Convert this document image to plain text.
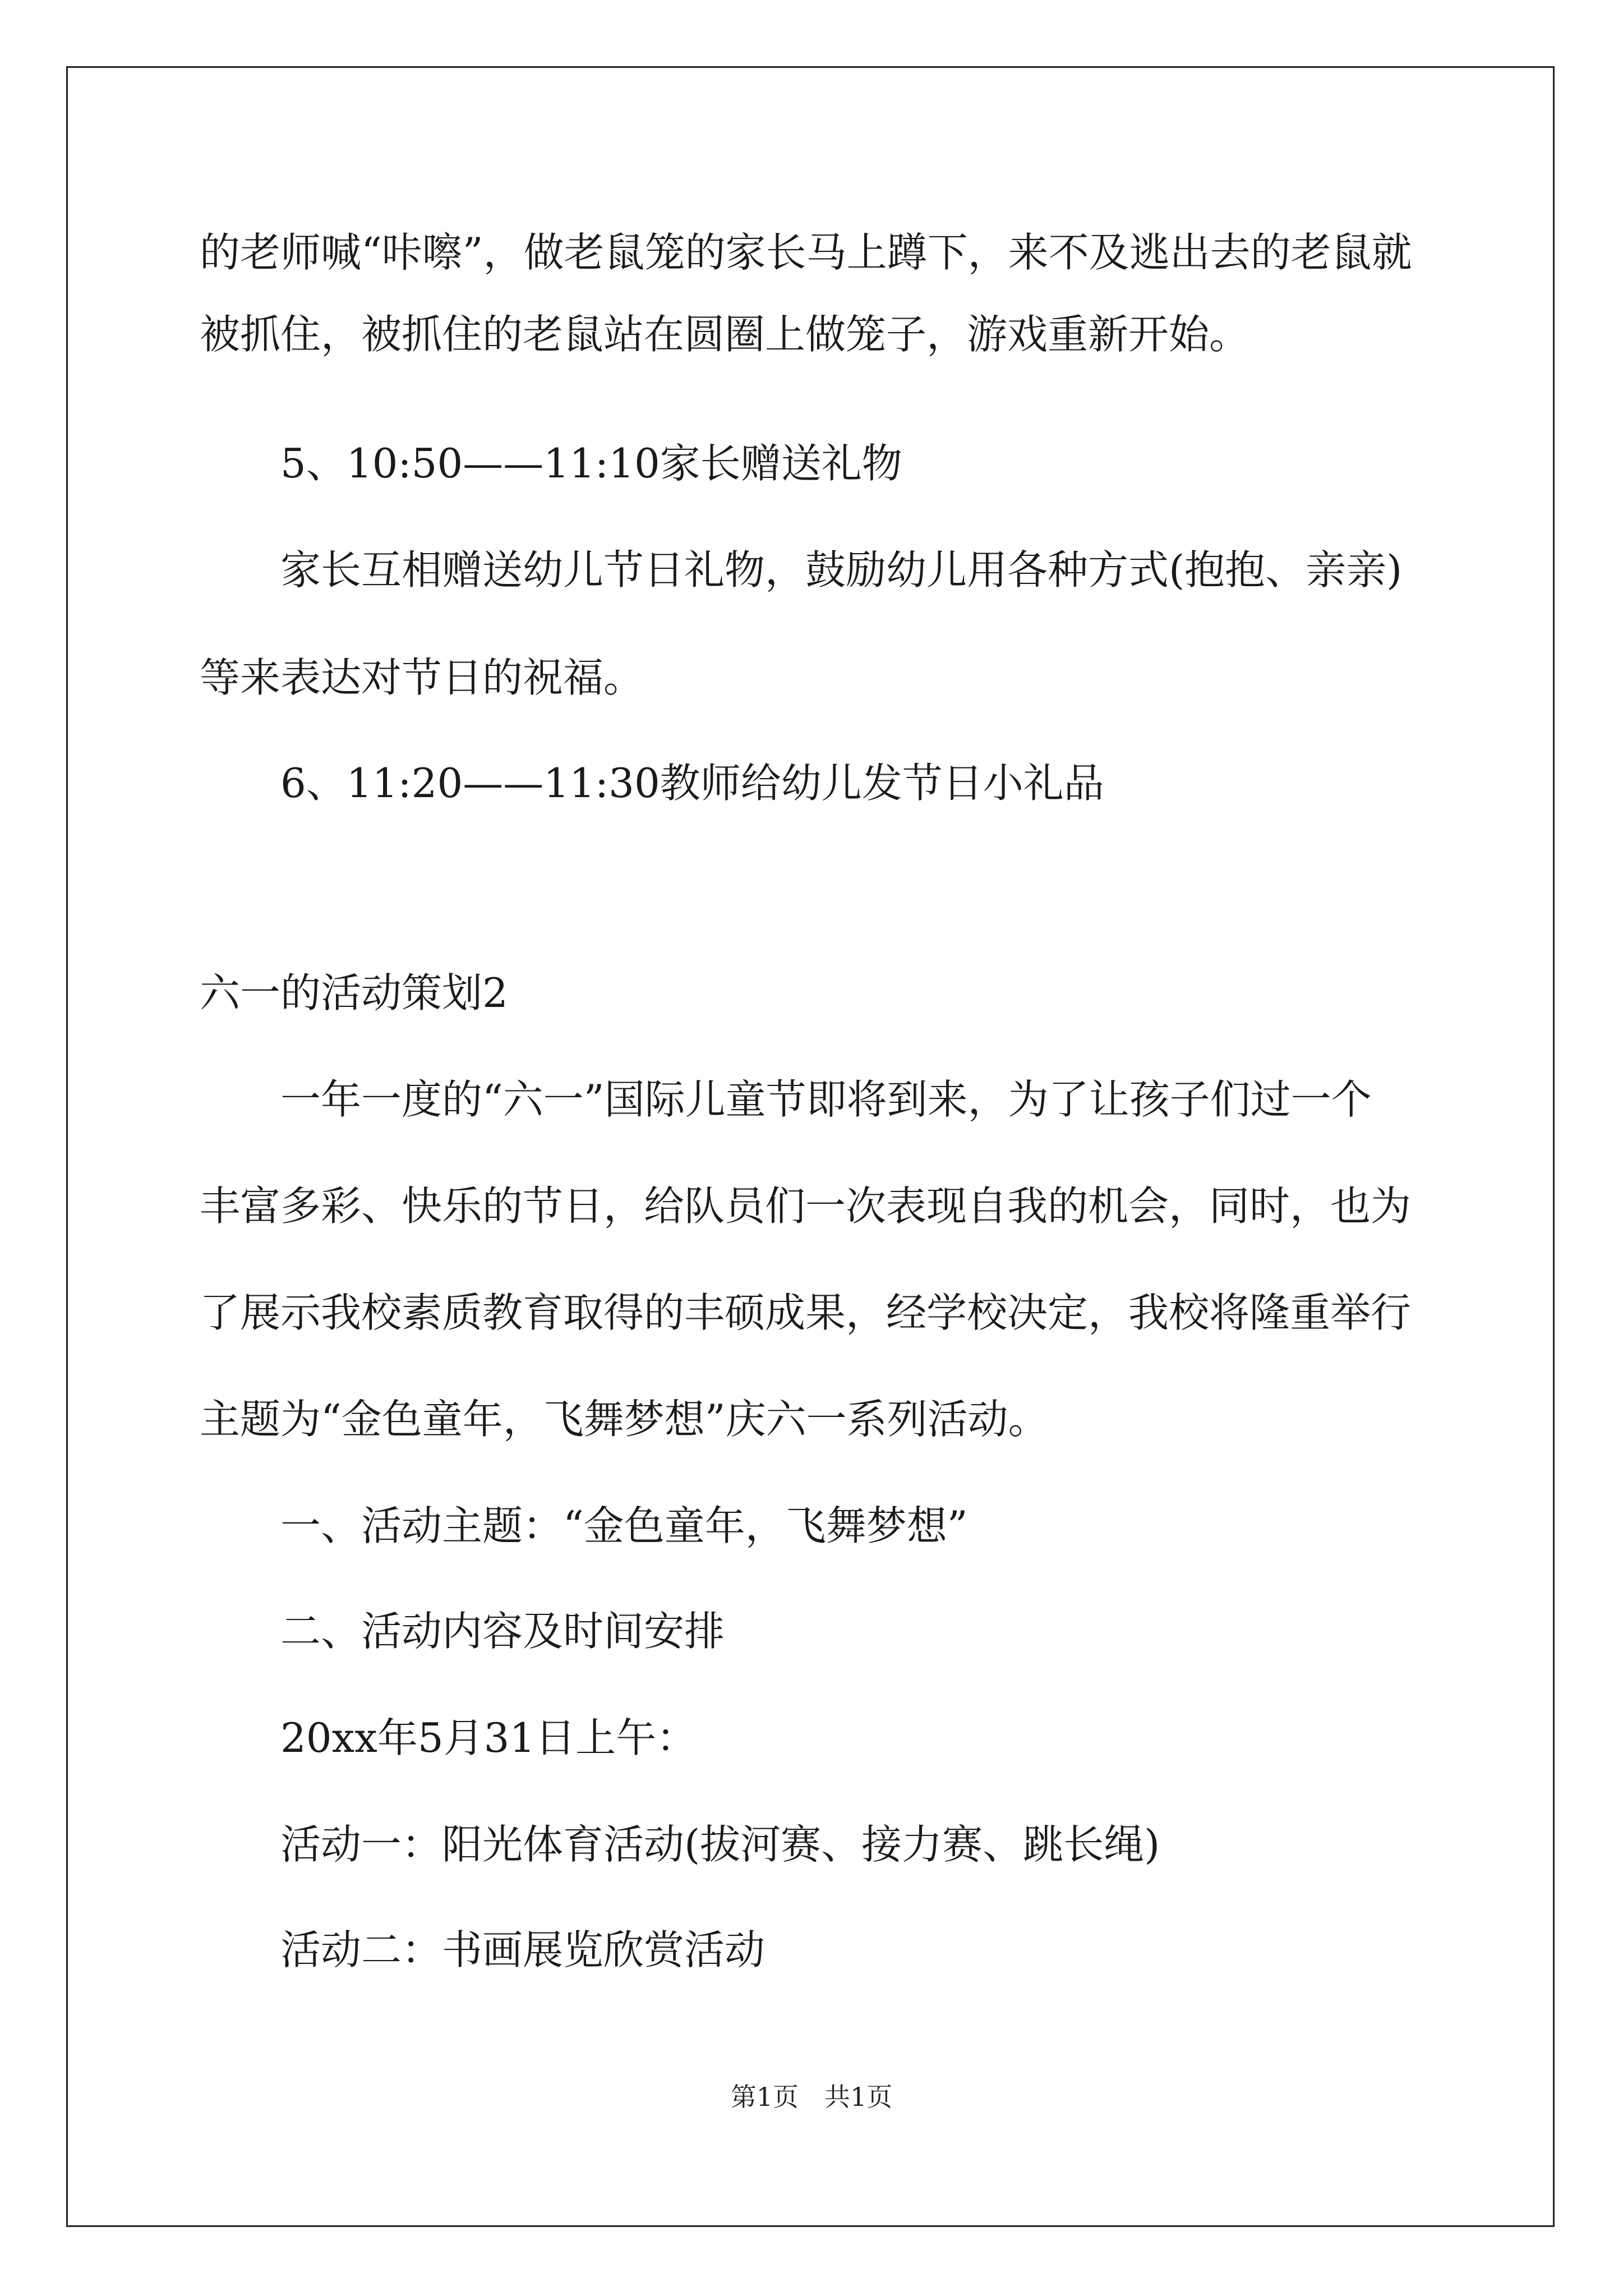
的老师喊“咔嚓”，做老鼠笼的家长马上蹲下，来不及逃出去的老鼠就
被抓住，被抓住的老鼠站在圆圈上做笼子，游戏重新开始。
5、10:50——11:10家长赠送礼物
家长互相赠送幼儿节日礼物，鼓励幼儿用各种方式(抱抱、亲亲)
等来表达对节日的祝福。
6、11:20——11:30教师给幼儿发节日小礼品
六一的活动策划2
一年一度的“六一”国际儿童节即将到来，为了让孩子们过一个
丰富多彩、快乐的节日，给队员们一次表现自我的机会，同时，也为
了展示我校素质教育取得的丰硕成果，经学校决定，我校将隆重举行
主题为“金色童年，飞舞梦想”庆六一系列活动。
一、活动主题：“金色童年，飞舞梦想”
二、活动内容及时间安排
20xx年5月31日上午：
活动一：阳光体育活动(拔河赛、接力赛、跳长绳)
活动二：书画展览欣赏活动
第1页　共1页
